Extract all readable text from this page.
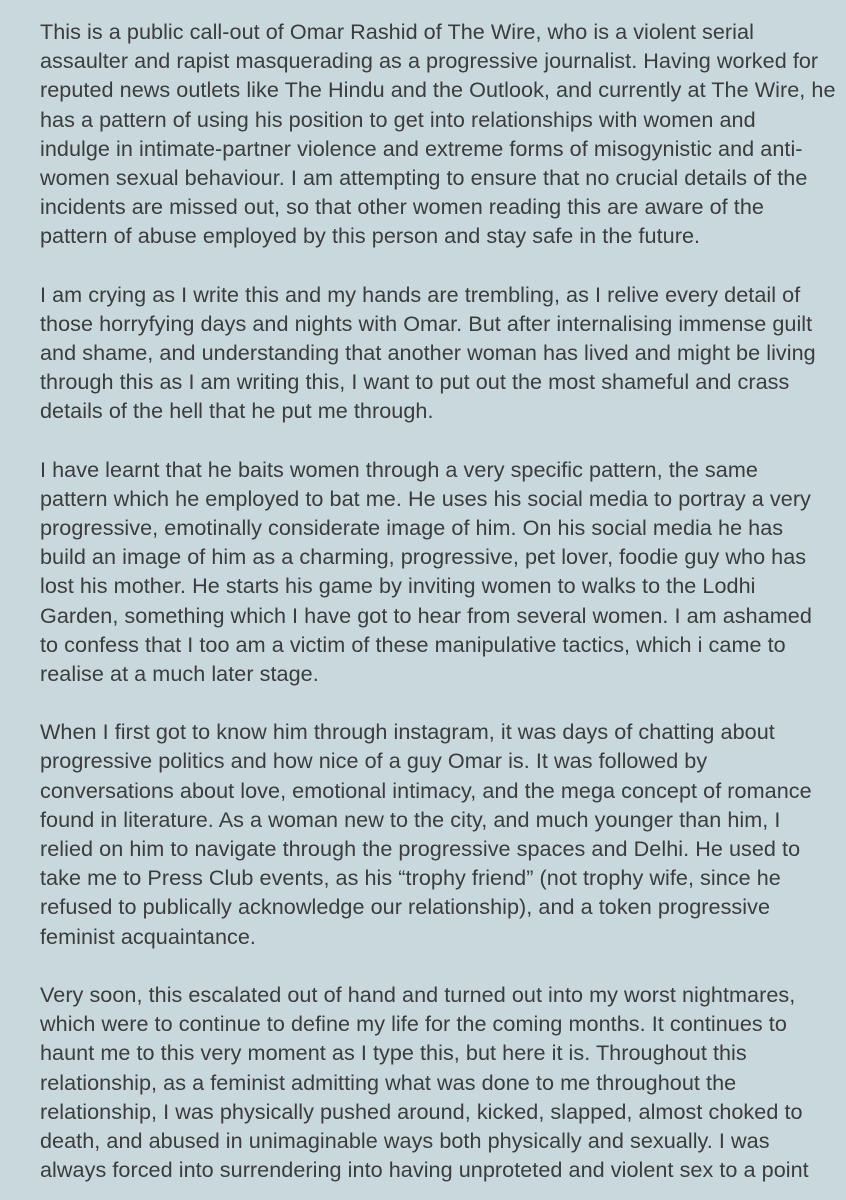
This is a public call-out of Omar Rashid of The Wire, who is a violent serial
assaulter and rapist masquerading as a progressive journalist. Having worked for
reputed news outlets like The Hindu and the Outlook, and currently at The Wire, he
has a pattern of using his position to get into relationships with women and
indulge in intimate-partner violence and extreme forms of misogynistic and anti-
women sexual behaviour. I am attempting to ensure that no crucial details of the
incidents are missed out, so that other women reading this are aware of the
pattern of abuse employed by this person and stay safe in the future.

I am crying as I write this and my hands are trembling, as I relive every detail of
those horryfying days and nights with Omar. But after internalising immense guilt
and shame, and understanding that another woman has lived and might be living
through this as I am writing this, I want to put out the most shameful and crass
details of the hell that he put me through.

I have learnt that he baits women through a very specific pattern, the same
pattern which he employed to bat me. He uses his social media to portray a very
progressive, emotinally considerate image of him. On his social media he has
build an image of him as a charming, progressive, pet lover, foodie guy who has
lost his mother. He starts his game by inviting women to walks to the Lodhi
Garden, something which I have got to hear from several women. I am ashamed
to confess that I too am a victim of these manipulative tactics, which i came to
realise at a much later stage.

When I first got to know him through instagram, it was days of chatting about
progressive politics and how nice of a guy Omar is. It was followed by
conversations about love, emotional intimacy, and the mega concept of romance
found in literature. As a woman new to the city, and much younger than him, I
relied on him to navigate through the progressive spaces and Delhi. He used to
take me to Press Club events, as his “trophy friend” (not trophy wife, since he
refused to publically acknowledge our relationship), and a token progressive
feminist acquaintance.

Very soon, this escalated out of hand and turned out into my worst nightmares,
which were to continue to define my life for the coming months. It continues to
haunt me to this very moment as I type this, but here it is. Throughout this
relationship, as a feminist admitting what was done to me throughout the
relationship, I was physically pushed around, kicked, slapped, almost choked to
death, and abused in unimaginable ways both physically and sexually. I was
always forced into surrendering into having unproteted and violent sex to a point
